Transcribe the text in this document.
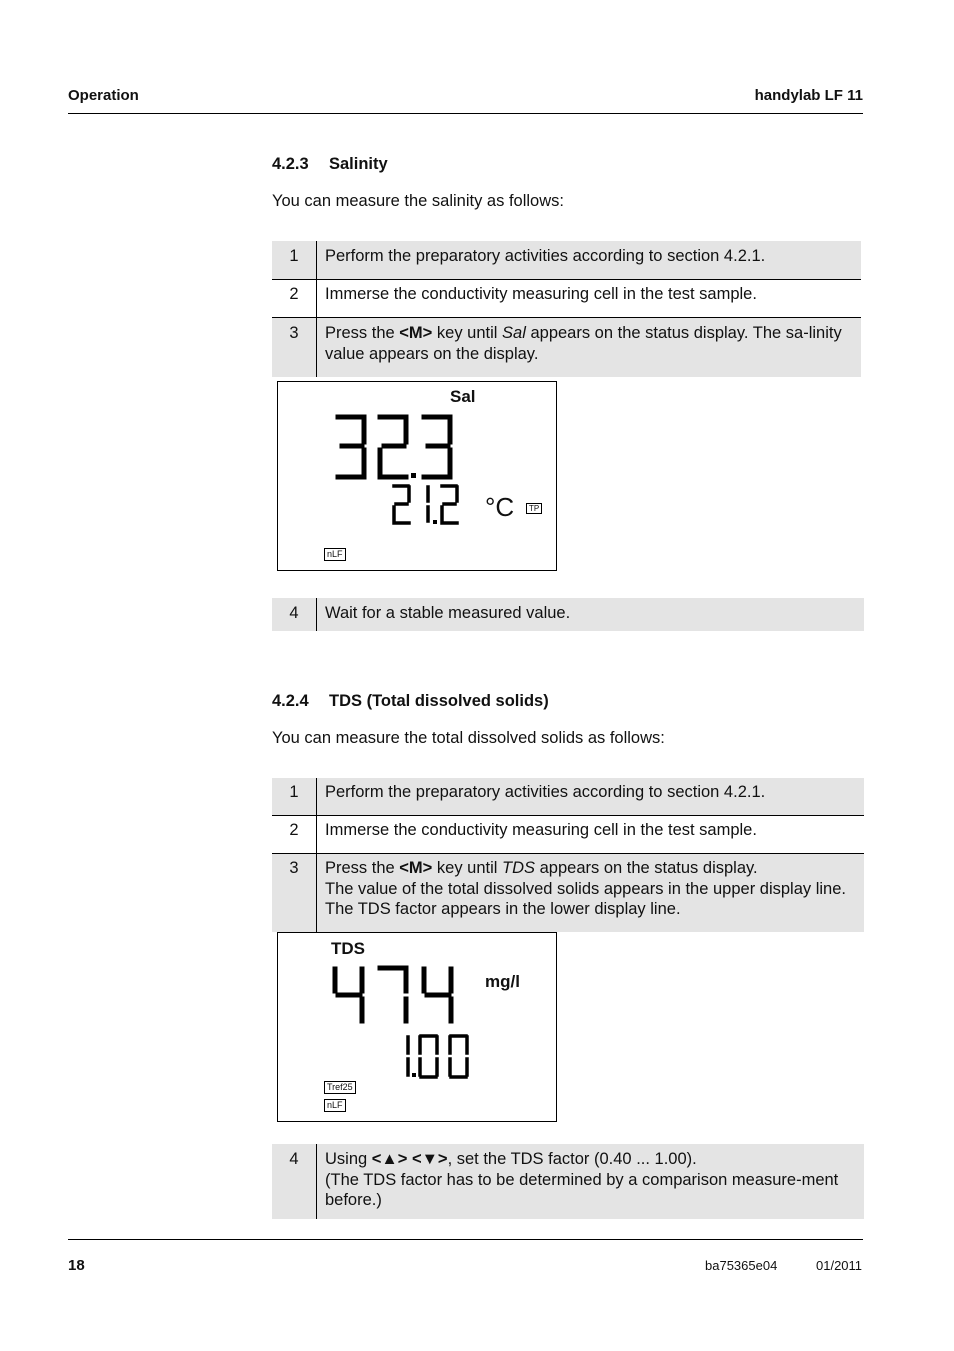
Operation	handylab LF 11
4.2.3 Salinity
You can measure the salinity as follows:
1	Perform the preparatory activities according to section 4.2.1.
2	Immerse the conductivity measuring cell in the test sample.
3	Press the <M> key until Sal appears on the status display. The sa-linity value appears on the display.
Sal
°C	TP
nLF
4	Wait for a stable measured value.
4.2.4 TDS (Total dissolved solids)
You can measure the total dissolved solids as follows:
1	Perform the preparatory activities according to section 4.2.1.
2	Immerse the conductivity measuring cell in the test sample.
3	Press the <M> key until TDS appears on the status display.
The value of the total dissolved solids appears in the upper display line. The TDS factor appears in the lower display line.
TDS
mg/l
Tref25
nLF
4	Using <▲> <▼>, set the TDS factor (0.40 ... 1.00).
(The TDS factor has to be determined by a comparison measure-ment before.)
18	ba75365e04	01/2011
